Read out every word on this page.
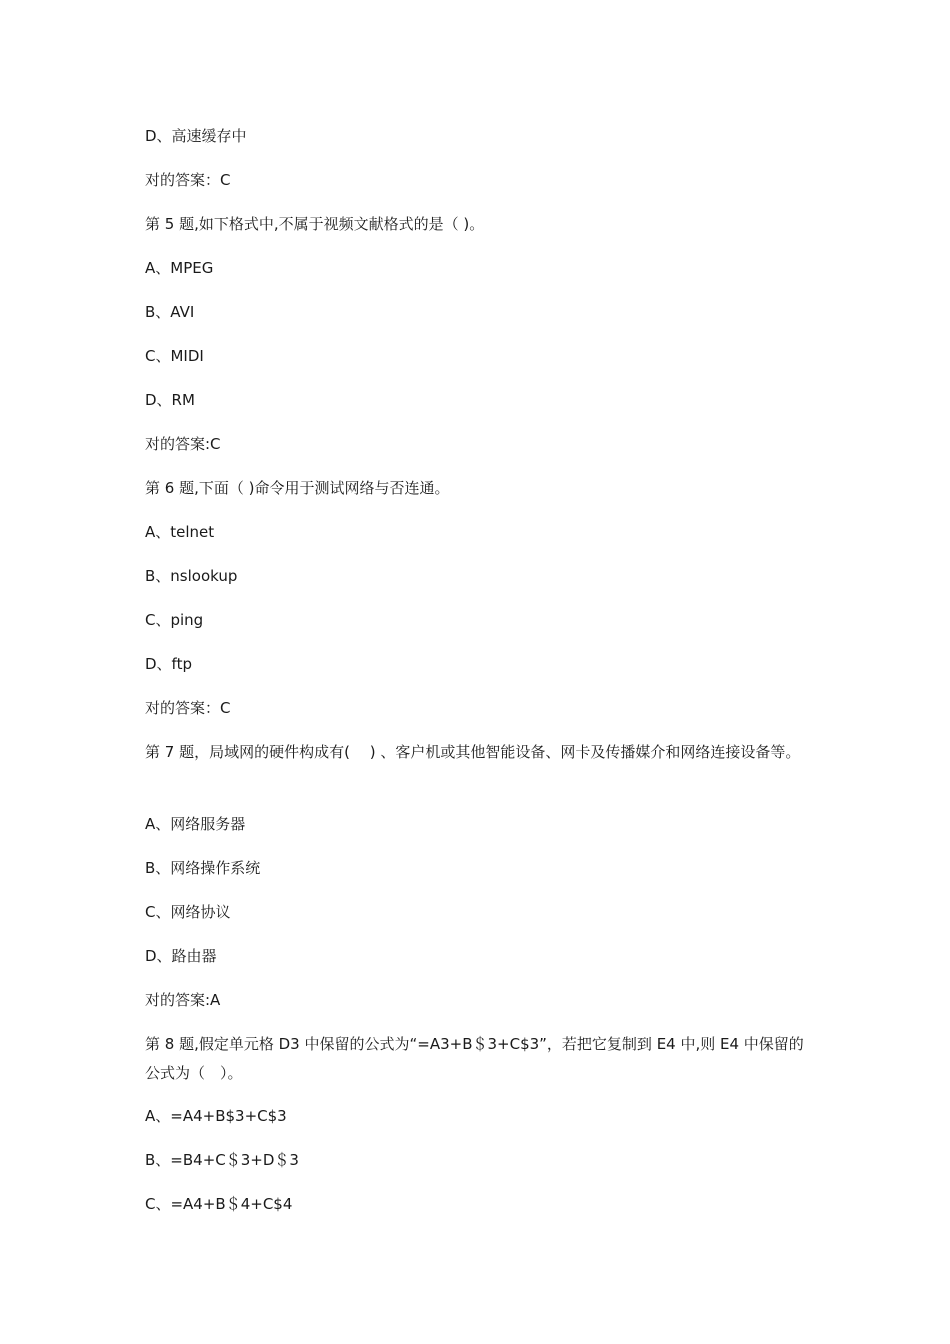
D、高速缓存中
对的答案：C
第 5 题,如下格式中,不属于视频文献格式的是（ )。
A、MPEG
B、AVI
C、MIDI
D、RM
对的答案:C
第 6 题,下面（ )命令用于测试网络与否连通。
A、telnet
B、nslookup
C、ping
D、ftp
对的答案：C
第 7 题，局域网的硬件构成有(　 ) 、客户机或其他智能设备、网卡及传播媒介和网络连接设备等。
A、网络服务器
B、网络操作系统
C、网络协议
D、路由器
对的答案:A
第 8 题,假定单元格 D3 中保留的公式为“=A3+B＄3+C$3”，若把它复制到 E4 中,则 E4 中保留的公式为（　）。
A、=A4+B$3+C$3
B、=B4+C＄3+D＄3
C、=A4+B＄4+C$4
